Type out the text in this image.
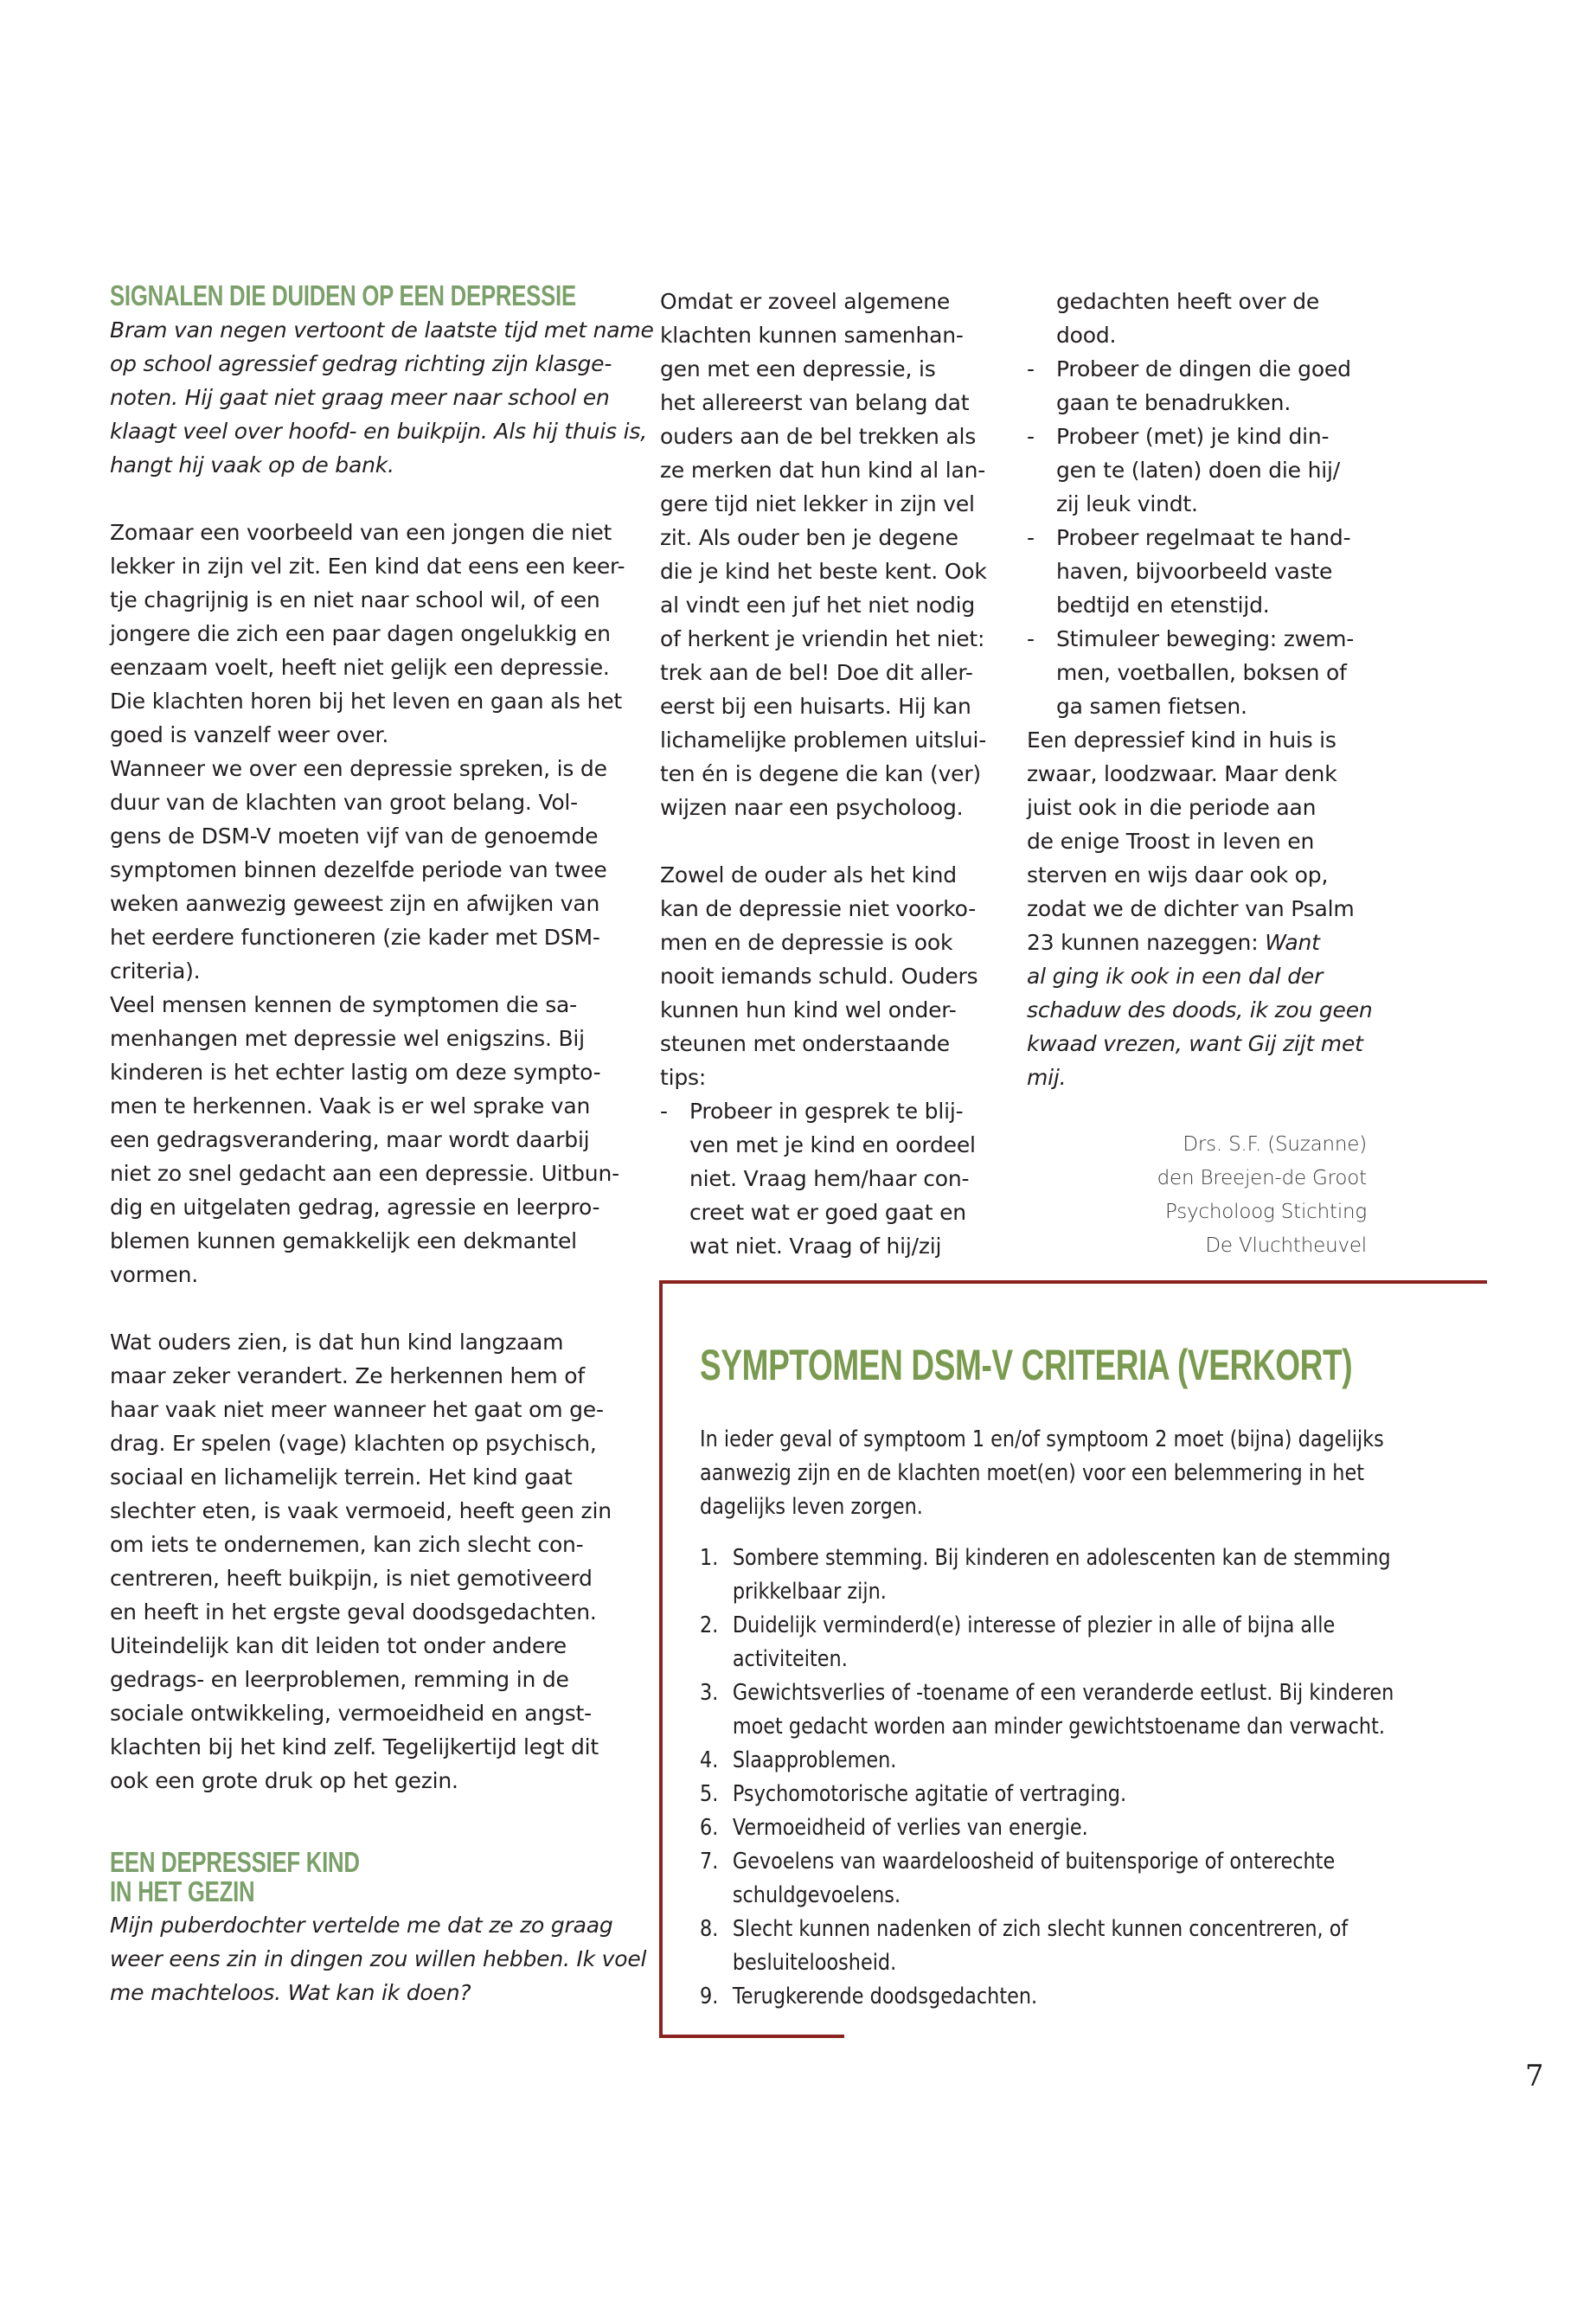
SIGNALEN DIE DUIDEN OP EEN DEPRESSIE
Bram van negen vertoont de laatste tijd met name
op school agressief gedrag richting zijn klasge-
noten. Hij gaat niet graag meer naar school en
klaagt veel over hoofd- en buikpijn. Als hij thuis is,
hangt hij vaak op de bank.
Zomaar een voorbeeld van een jongen die niet
lekker in zijn vel zit. Een kind dat eens een keer-
tje chagrijnig is en niet naar school wil, of een
jongere die zich een paar dagen ongelukkig en
eenzaam voelt, heeft niet gelijk een depressie.
Die klachten horen bij het leven en gaan als het
goed is vanzelf weer over.
Wanneer we over een depressie spreken, is de
duur van de klachten van groot belang. Vol-
gens de DSM-V moeten vijf van de genoemde
symptomen binnen dezelfde periode van twee
weken aanwezig geweest zijn en afwijken van
het eerdere functioneren (zie kader met DSM-
criteria).
Veel mensen kennen de symptomen die sa-
menhangen met depressie wel enigszins. Bij
kinderen is het echter lastig om deze sympto-
men te herkennen. Vaak is er wel sprake van
een gedragsverandering, maar wordt daarbij
niet zo snel gedacht aan een depressie. Uitbun-
dig en uitgelaten gedrag, agressie en leerpro-
blemen kunnen gemakkelijk een dekmantel
vormen.
Wat ouders zien, is dat hun kind langzaam
maar zeker verandert. Ze herkennen hem of
haar vaak niet meer wanneer het gaat om ge-
drag. Er spelen (vage) klachten op psychisch,
sociaal en lichamelijk terrein. Het kind gaat
slechter eten, is vaak vermoeid, heeft geen zin
om iets te ondernemen, kan zich slecht con-
centreren, heeft buikpijn, is niet gemotiveerd
en heeft in het ergste geval doodsgedachten.
Uiteindelijk kan dit leiden tot onder andere
gedrags- en leerproblemen, remming in de
sociale ontwikkeling, vermoeidheid en angst-
klachten bij het kind zelf. Tegelijkertijd legt dit
ook een grote druk op het gezin.
EEN DEPRESSIEF KIND
IN HET GEZIN
Mijn puberdochter vertelde me dat ze zo graag
weer eens zin in dingen zou willen hebben. Ik voel
me machteloos. Wat kan ik doen?
Omdat er zoveel algemene
klachten kunnen samenhan-
gen met een depressie, is
het allereerst van belang dat
ouders aan de bel trekken als
ze merken dat hun kind al lan-
gere tijd niet lekker in zijn vel
zit. Als ouder ben je degene
die je kind het beste kent. Ook
al vindt een juf het niet nodig
of herkent je vriendin het niet:
trek aan de bel! Doe dit aller-
eerst bij een huisarts. Hij kan
lichamelijke problemen uitslui-
ten én is degene die kan (ver)
wijzen naar een psycholoog.
Zowel de ouder als het kind
kan de depressie niet voorko-
men en de depressie is ook
nooit iemands schuld. Ouders
kunnen hun kind wel onder-
steunen met onderstaande
tips:
- Probeer in gesprek te blij-
ven met je kind en oordeel
niet. Vraag hem/haar con-
creet wat er goed gaat en
wat niet. Vraag of hij/zij
gedachten heeft over de
dood.
- Probeer de dingen die goed
gaan te benadrukken.
- Probeer (met) je kind din-
gen te (laten) doen die hij/
zij leuk vindt.
- Probeer regelmaat te hand-
haven, bijvoorbeeld vaste
bedtijd en etenstijd.
- Stimuleer beweging: zwem-
men, voetballen, boksen of
ga samen fietsen.
Een depressief kind in huis is
zwaar, loodzwaar. Maar denk
juist ook in die periode aan
de enige Troost in leven en
sterven en wijs daar ook op,
zodat we de dichter van Psalm
23 kunnen nazeggen: Want
al ging ik ook in een dal der
schaduw des doods, ik zou geen
kwaad vrezen, want Gij zijt met
mij.
Drs. S.F. (Suzanne)
den Breejen-de Groot
Psycholoog Stichting
De Vluchtheuvel
SYMPTOMEN DSM-V CRITERIA (VERKORT)
In ieder geval of symptoom 1 en/of symptoom 2 moet (bijna) dagelijks
aanwezig zijn en de klachten moet(en) voor een belemmering in het
dagelijks leven zorgen.
1. Sombere stemming. Bij kinderen en adolescenten kan de stemming
prikkelbaar zijn.
2. Duidelijk verminderd(e) interesse of plezier in alle of bijna alle
activiteiten.
3. Gewichtsverlies of -toename of een veranderde eetlust. Bij kinderen
moet gedacht worden aan minder gewichtstoename dan verwacht.
4. Slaapproblemen.
5. Psychomotorische agitatie of vertraging.
6. Vermoeidheid of verlies van energie.
7. Gevoelens van waardeloosheid of buitensporige of onterechte
schuldgevoelens.
8. Slecht kunnen nadenken of zich slecht kunnen concentreren, of
besluiteloosheid.
9. Terugkerende doodsgedachten.
7
